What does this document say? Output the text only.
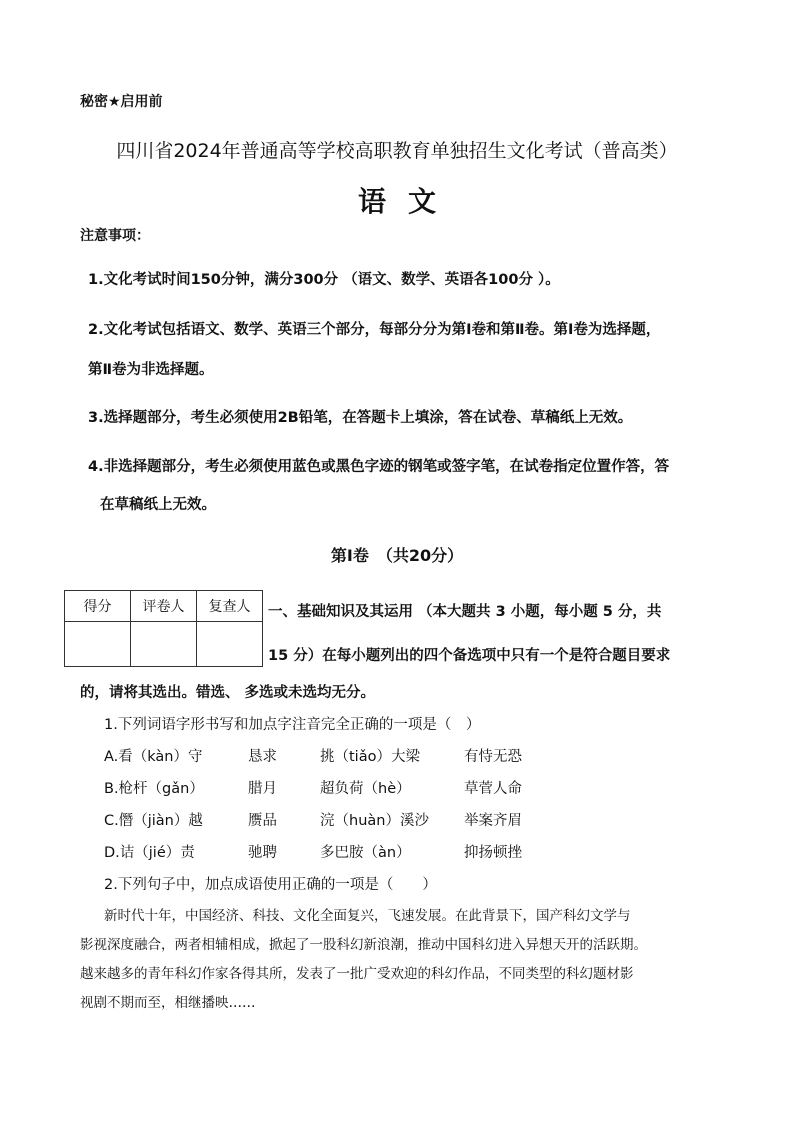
秘密★启用前
四川省2024年普通高等学校高职教育单独招生文化考试（普高类）
语文
注意事项：
1.文化考试时间150分钟，满分300分 （语文、数学、英语各100分 ）。
2.文化考试包括语文、数学、英语三个部分，每部分分为第Ⅰ卷和第Ⅱ卷。第Ⅰ卷为选择题，
第Ⅱ卷为非选择题。
3.选择题部分，考生必须使用2B铅笔，在答题卡上填涂，答在试卷、草稿纸上无效。
4.非选择题部分，考生必须使用蓝色或黑色字迹的钢笔或签字笔，在试卷指定位置作答，答
在草稿纸上无效。
第Ⅰ卷　（共20分）
得分	评卷人	复查人
		一、基础知识及其运用 （本大题共 3 小题，每小题 5 分，共
15 分）在每小题列出的四个备选项中只有一个是符合题目要求
的，请将其选出。错选、 多选或未选均无分。
1.下列词语字形书写和加点字注音完全正确的一项是（　）
A.看（kàn）守	恳求	挑（tiǎo）大梁	有恃无恐
B.枪杆（gǎn）	腊月	超负荷（hè）	草菅人命
C.僭（jiàn）越	赝品	浣（huàn）溪沙 举案齐眉
D.诘（jié）责	驰聘	多巴胺（àn）	抑扬顿挫
2.下列句子中，加点成语使用正确的一项是（　　）
新时代十年，中国经济、科技、文化全面复兴，飞速发展。在此背景下，国产科幻文学与
影视深度融合，两者相辅相成，掀起了一股科幻新浪潮，推动中国科幻进入异想天开的活跃期。
越来越多的青年科幻作家各得其所，发表了一批广受欢迎的科幻作品，不同类型的科幻题材影
视剧不期而至，相继播映……
